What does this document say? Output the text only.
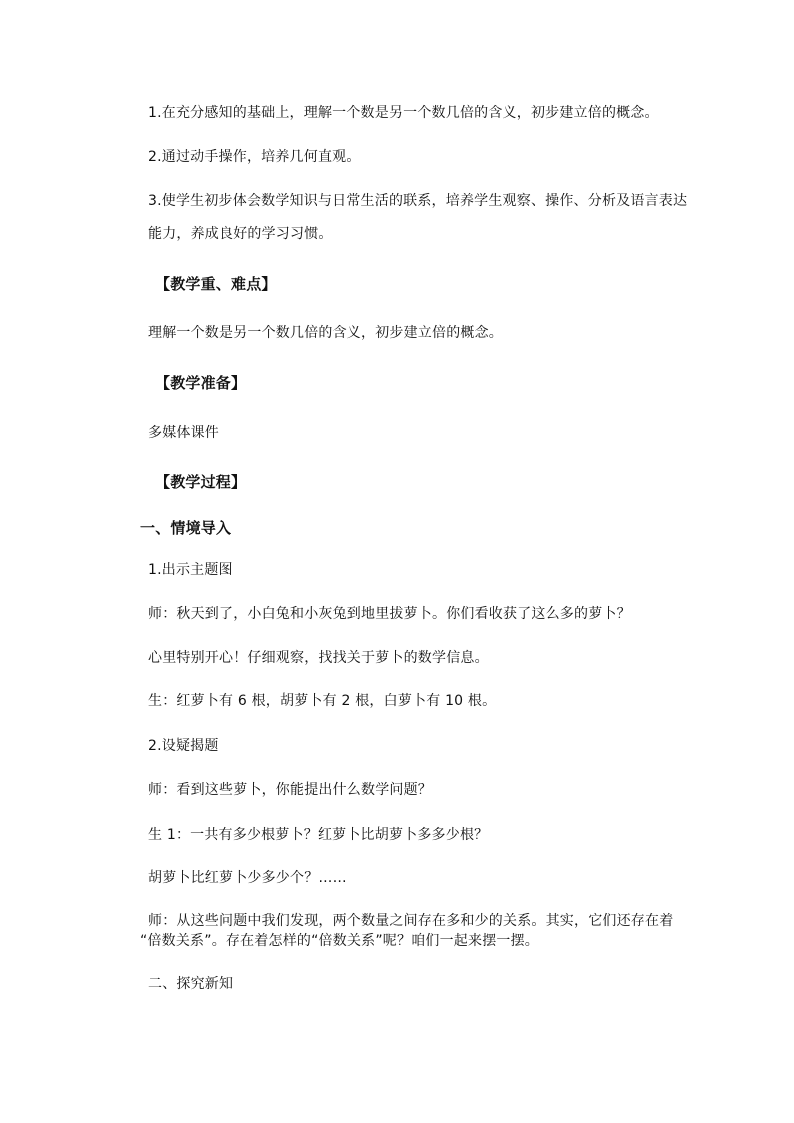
1.在充分感知的基础上，理解一个数是另一个数几倍的含义，初步建立倍的概念。
2.通过动手操作，培养几何直观。
3.使学生初步体会数学知识与日常生活的联系，培养学生观察、操作、分析及语言表达
能力，养成良好的学习习惯。
【教学重、难点】
理解一个数是另一个数几倍的含义，初步建立倍的概念。
【教学准备】
多媒体课件
【教学过程】
一、情境导入
1.出示主题图
师：秋天到了，小白兔和小灰兔到地里拔萝卜。你们看收获了这么多的萝卜？
心里特别开心！仔细观察，找找关于萝卜的数学信息。
生：红萝卜有 6 根，胡萝卜有 2 根，白萝卜有 10 根。
2.设疑揭题
师：看到这些萝卜，你能提出什么数学问题？
生 1：一共有多少根萝卜？红萝卜比胡萝卜多多少根？
胡萝卜比红萝卜少多少个？……
师：从这些问题中我们发现，两个数量之间存在多和少的关系。其实，它们还存在着
“倍数关系”。存在着怎样的“倍数关系”呢？咱们一起来摆一摆。
二、探究新知
